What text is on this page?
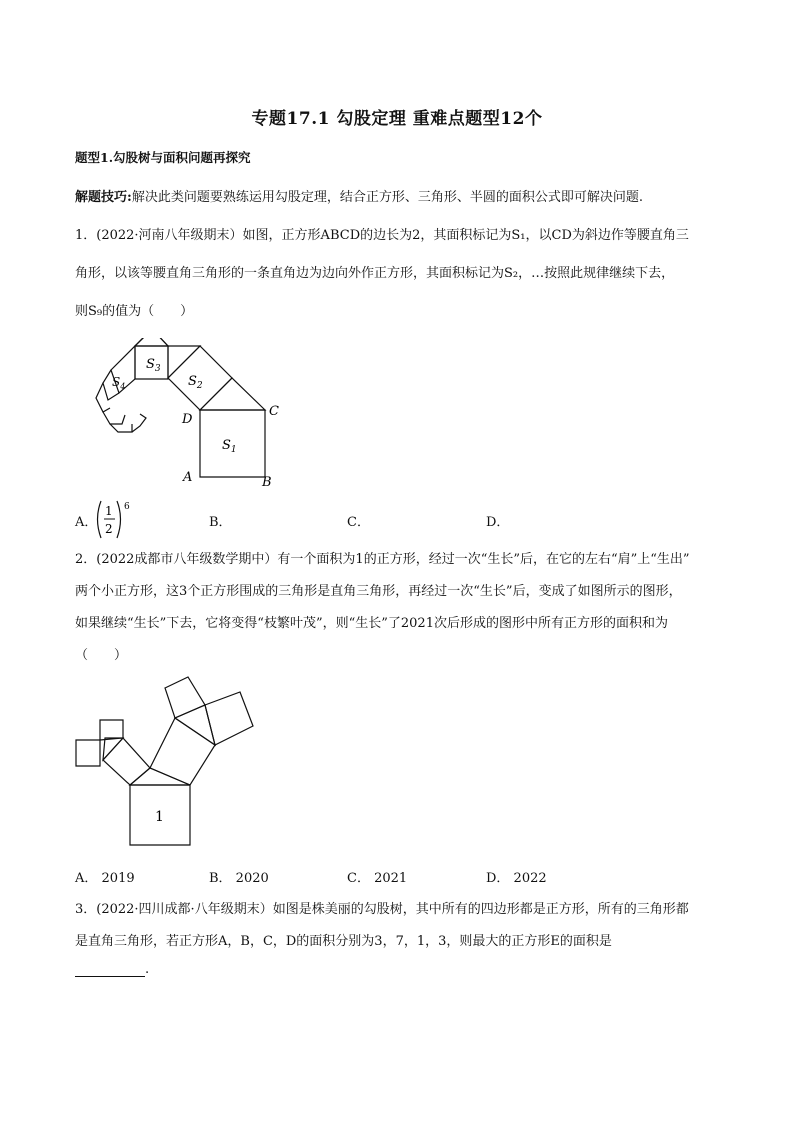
专题17.1 勾股定理 重难点题型12个
题型1.勾股树与面积问题再探究
解题技巧:解决此类问题要熟练运用勾股定理，结合正方形、三角形、半圆的面积公式即可解决问题.
1．(2022·河南八年级期末）如图，正方形ABCD的边长为2，其面积标记为S₁，以CD为斜边作等腰直角三
角形，以该等腰直角三角形的一条直角边为边向外作正方形，其面积标记为S₂，…按照此规律继续下去，
则S₉的值为（　　）
$S_1$
$S_2$
$S_3$
$S_4$
A	B
C
D
A．
1
2
6
B．	C．	D．
2．(2022成都市八年级数学期中）有一个面积为1的正方形，经过一次“生长”后，在它的左右“肩”上“生出”
两个小正方形，这3个正方形围成的三角形是直角三角形，再经过一次“生长”后，变成了如图所示的图形，
如果继续“生长”下去，它将变得“枝繁叶茂”，则“生长”了2021次后形成的图形中所有正方形的面积和为
（　　）
1
A． 2019	B． 2020	C． 2021	D． 2022
3．(2022·四川成都·八年级期末）如图是株美丽的勾股树，其中所有的四边形都是正方形，所有的三角形都
是直角三角形，若正方形A，B，C，D的面积分别为3，7，1，3，则最大的正方形E的面积是
.
